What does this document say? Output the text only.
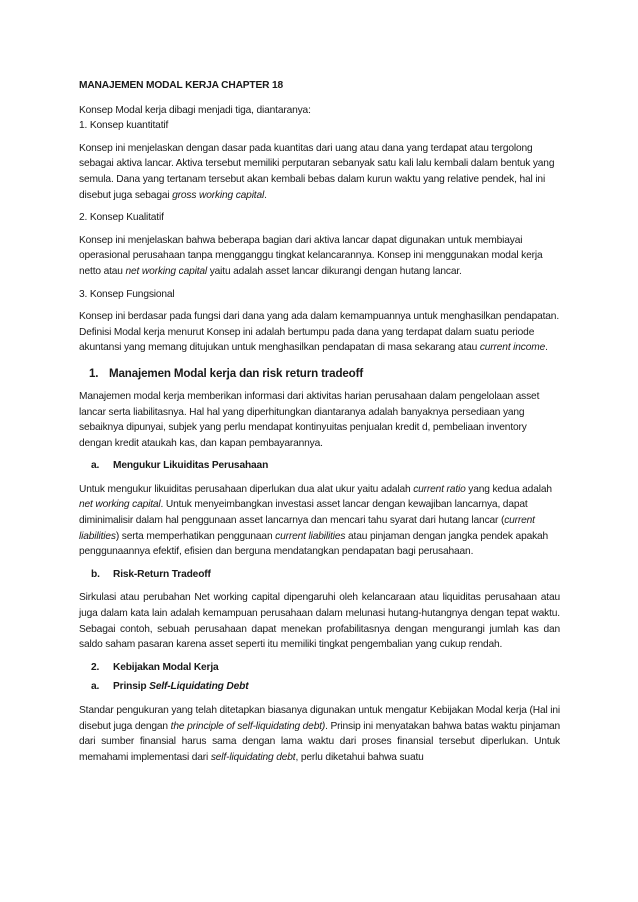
MANAJEMEN MODAL KERJA CHAPTER 18

Konsep Modal kerja dibagi menjadi tiga, diantaranya:

1. Konsep kuantitatif

Konsep ini menjelaskan dengan dasar pada kuantitas dari uang atau dana yang terdapat atau tergolong sebagai aktiva lancar. Aktiva tersebut memiliki perputaran sebanyak satu kali lalu kembali dalam bentuk yang semula. Dana yang tertanam tersebut akan kembali bebas dalam kurun waktu yang relative pendek, hal ini disebut juga sebagai gross working capital.

2. Konsep Kualitatif

Konsep ini menjelaskan bahwa beberapa bagian dari aktiva lancar dapat digunakan untuk membiayai operasional perusahaan tanpa mengganggu tingkat kelancarannya. Konsep ini menggunakan modal kerja netto atau net working capital yaitu adalah asset lancar dikurangi dengan hutang lancar.

3. Konsep Fungsional

Konsep ini berdasar pada fungsi dari dana yang ada dalam kemampuannya untuk menghasilkan pendapatan. Definisi Modal kerja menurut Konsep ini adalah bertumpu pada dana yang terdapat dalam suatu periode akuntansi yang memang ditujukan untuk menghasilkan pendapatan di masa sekarang atau current income.

1. Manajemen Modal kerja dan risk return tradeoff

Manajemen modal kerja memberikan informasi dari aktivitas harian perusahaan dalam pengelolaan asset lancar serta liabilitasnya. Hal hal yang diperhitungkan diantaranya adalah banyaknya persediaan yang sebaiknya dipunyai, subjek yang perlu mendapat kontinyuitas penjualan kredit d, pembeliaan inventory dengan kredit ataukah kas, dan kapan pembayarannya.

a. Mengukur Likuiditas Perusahaan

Untuk mengukur likuiditas perusahaan diperlukan dua alat ukur yaitu adalah current ratio yang kedua adalah net working capital. Untuk menyeimbangkan investasi asset lancar dengan kewajiban lancarnya, dapat diminimalisir dalam hal penggunaan asset lancarnya dan mencari tahu syarat dari hutang lancar (current liabilities) serta memperhatikan penggunaan current liabilities atau pinjaman dengan jangka pendek apakah penggunaannya efektif, efisien dan berguna mendatangkan pendapatan bagi perusahaan.

b. Risk-Return Tradeoff

Sirkulasi atau perubahan Net working capital dipengaruhi oleh kelancaraan atau liquiditas perusahaan atau juga dalam kata lain adalah kemampuan perusahaan dalam melunasi hutang-hutangnya dengan tepat waktu. Sebagai contoh, sebuah perusahaan dapat menekan profabilitasnya dengan mengurangi jumlah kas dan saldo saham pasaran karena asset seperti itu memiliki tingkat pengembalian yang cukup rendah.

2. Kebijakan Modal Kerja

a. Prinsip Self-Liquidating Debt

Standar pengukuran yang telah ditetapkan biasanya digunakan untuk mengatur Kebijakan Modal kerja (Hal ini disebut juga dengan the principle of self-liquidating debt). Prinsip ini menyatakan bahwa batas waktu pinjaman dari sumber finansial harus sama dengan lama waktu dari proses finansial tersebut diperlukan. Untuk memahami implementasi dari self-liquidating debt, perlu diketahui bahwa suatu
